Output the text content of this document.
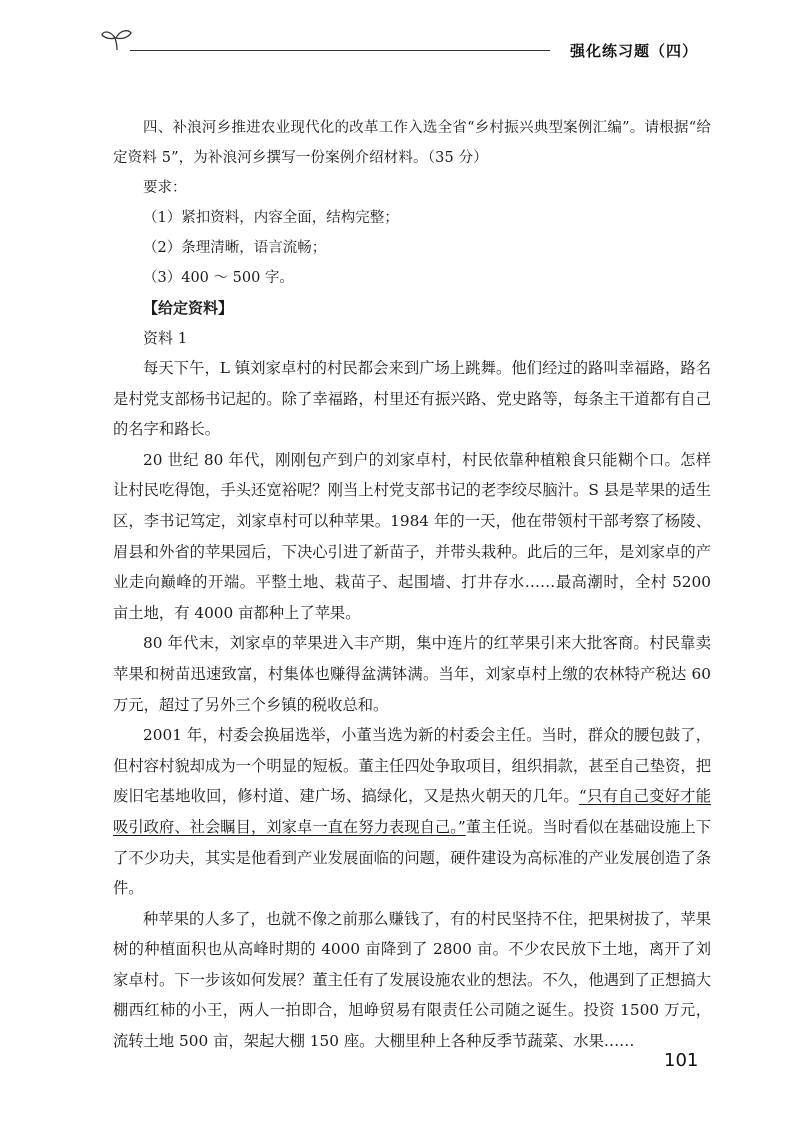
强化练习题（四）

四、补浪河乡推进农业现代化的改革工作入选全省“乡村振兴典型案例汇编”。请根据“给定资料 5”，为补浪河乡撰写一份案例介绍材料。（35 分）

要求：

（1）紧扣资料，内容全面，结构完整；

（2）条理清晰，语言流畅；

（3）400 ～ 500 字。

【给定资料】
资料 1

每天下午，L 镇刘家卓村的村民都会来到广场上跳舞。他们经过的路叫幸福路，路名是村党支部杨书记起的。除了幸福路，村里还有振兴路、党史路等，每条主干道都有自己的名字和路长。

20 世纪 80 年代，刚刚包产到户的刘家卓村，村民依靠种植粮食只能糊个口。怎样让村民吃得饱，手头还宽裕呢？刚当上村党支部书记的老李绞尽脑汁。S 县是苹果的适生区，李书记笃定，刘家卓村可以种苹果。1984 年的一天，他在带领村干部考察了杨陵、眉县和外省的苹果园后，下决心引进了新苗子，并带头栽种。此后的三年，是刘家卓的产业走向巅峰的开端。平整土地、栽苗子、起围墙、打井存水……最高潮时，全村 5200 亩土地，有 4000 亩都种上了苹果。

80 年代末，刘家卓的苹果进入丰产期，集中连片的红苹果引来大批客商。村民靠卖苹果和树苗迅速致富，村集体也赚得盆满钵满。当年，刘家卓村上缴的农林特产税达 60 万元，超过了另外三个乡镇的税收总和。

2001 年，村委会换届选举，小董当选为新的村委会主任。当时，群众的腰包鼓了，但村容村貌却成为一个明显的短板。董主任四处争取项目，组织捐款，甚至自己垫资，把废旧宅基地收回，修村道、建广场、搞绿化，又是热火朝天的几年。“只有自己变好才能吸引政府、社会瞩目，刘家卓一直在努力表现自己。”董主任说。当时看似在基础设施上下了不少功夫，其实是他看到产业发展面临的问题，硬件建设为高标准的产业发展创造了条件。

种苹果的人多了，也就不像之前那么赚钱了，有的村民坚持不住，把果树拔了，苹果树的种植面积也从高峰时期的 4000 亩降到了 2800 亩。不少农民放下土地，离开了刘家卓村。下一步该如何发展？董主任有了发展设施农业的想法。不久，他遇到了正想搞大棚西红柿的小王，两人一拍即合，旭峥贸易有限责任公司随之诞生。投资 1500 万元，流转土地 500 亩，架起大棚 150 座。大棚里种上各种反季节蔬菜、水果……

101
